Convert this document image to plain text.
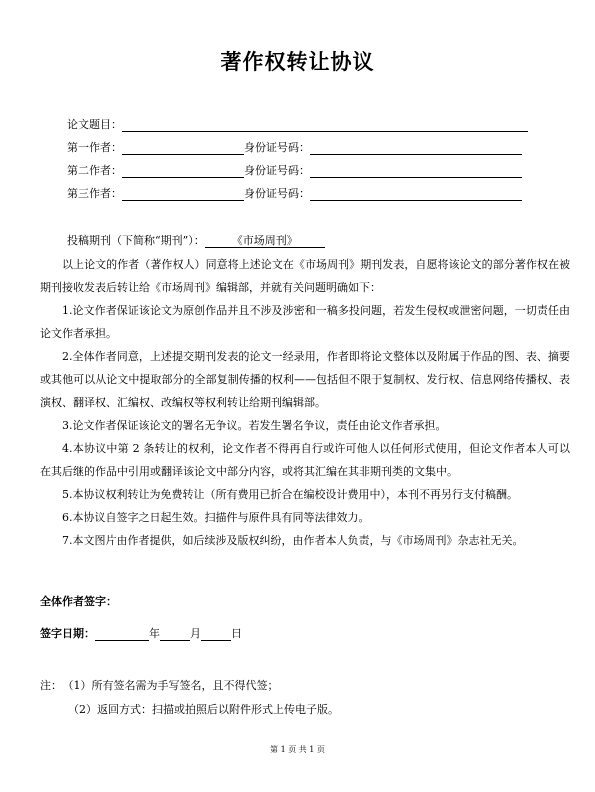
著作权转让协议
论文题目：
第一作者：	身份证号码：
第二作者：	身份证号码：
第三作者：	身份证号码：
投稿期刊（下简称“期刊”）： 《市场周刊》
以上论文的作者（著作权人）同意将上述论文在《市场周刊》期刊发表，自愿将该论文的部分著作权在被期刊接收发表后转让给《市场周刊》编辑部，并就有关问题明确如下：
1.论文作者保证该论文为原创作品并且不涉及涉密和一稿多投问题，若发生侵权或泄密问题，一切责任由论文作者承担。
2.全体作者同意，上述提交期刊发表的论文一经录用，作者即将论文整体以及附属于作品的图、表、摘要或其他可以从论文中提取部分的全部复制传播的权利——包括但不限于复制权、发行权、信息网络传播权、表演权、翻译权、汇编权、改编权等权利转让给期刊编辑部。
3.论文作者保证该论文的署名无争议。若发生署名争议，责任由论文作者承担。
4.本协议中第 2 条转让的权利，论文作者不得再自行或许可他人以任何形式使用，但论文作者本人可以在其后继的作品中引用或翻译该论文中部分内容，或将其汇编在其非期刊类的文集中。
5.本协议权利转让为免费转让（所有费用已折合在编校设计费用中），本刊不再另行支付稿酬。
6.本协议自签字之日起生效。扫描件与原件具有同等法律效力。
7.本文图片由作者提供，如后续涉及版权纠纷，由作者本人负责，与《市场周刊》杂志社无关。
全体作者签字：
签字日期：	年	月	日
注： （1）所有签名需为手写签名，且不得代签；
（2）返回方式：扫描或拍照后以附件形式上传电子版。
第 1 页 共 1 页
